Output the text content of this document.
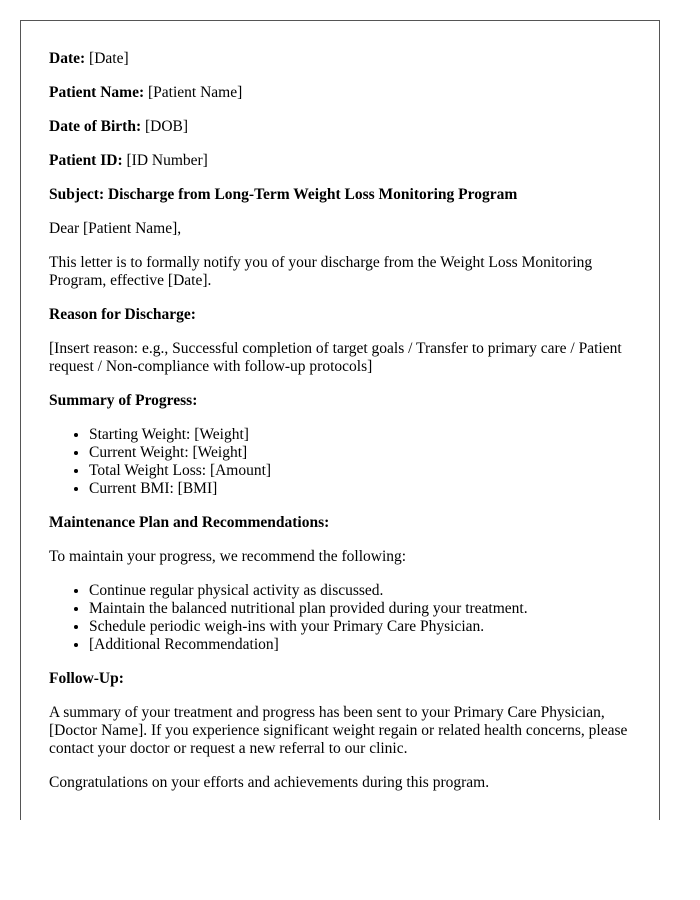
Date: [Date]

Patient Name: [Patient Name]

Date of Birth: [DOB]

Patient ID: [ID Number]

Subject: Discharge from Long-Term Weight Loss Monitoring Program

Dear [Patient Name],

This letter is to formally notify you of your discharge from the Weight Loss Monitoring Program, effective [Date].

Reason for Discharge:

[Insert reason: e.g., Successful completion of target goals / Transfer to primary care / Patient request / Non-compliance with follow-up protocols]

Summary of Progress:

• Starting Weight: [Weight]
• Current Weight: [Weight]
• Total Weight Loss: [Amount]
• Current BMI: [BMI]

Maintenance Plan and Recommendations:

To maintain your progress, we recommend the following:

• Continue regular physical activity as discussed.
• Maintain the balanced nutritional plan provided during your treatment.
• Schedule periodic weigh-ins with your Primary Care Physician.
• [Additional Recommendation]

Follow-Up:

A summary of your treatment and progress has been sent to your Primary Care Physician, [Doctor Name]. If you experience significant weight regain or related health concerns, please contact your doctor or request a new referral to our clinic.

Congratulations on your efforts and achievements during this program.
